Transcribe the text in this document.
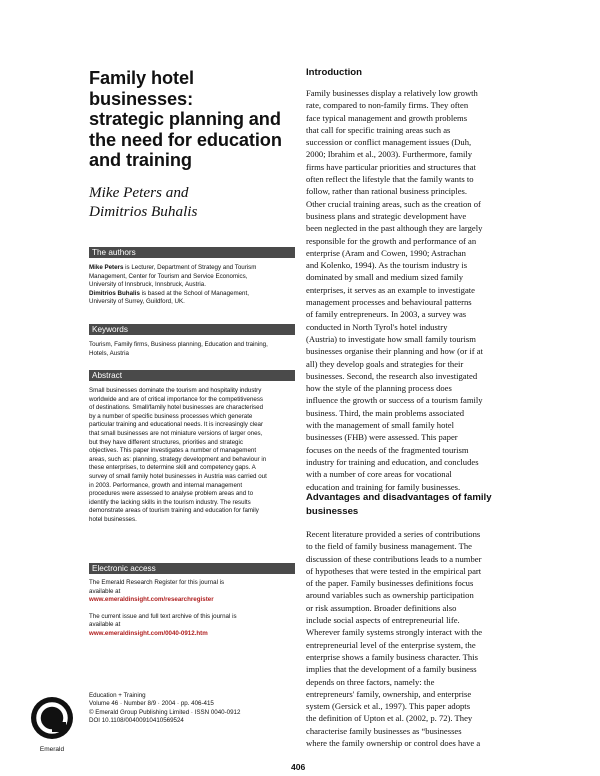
Family hotel businesses:
strategic planning and
the need for education
and training
Mike Peters and
Dimitrios Buhalis
The authors
Mike Peters is Lecturer, Department of Strategy and Tourism
Management, Center for Tourism and Service Economics,
University of Innsbruck, Innsbruck, Austria.
Dimitrios Buhalis is based at the School of Management,
University of Surrey, Guildford, UK.
Keywords
Tourism, Family firms, Business planning, Education and training,
Hotels, Austria
Abstract
Small businesses dominate the tourism and hospitality industry
worldwide and are of critical importance for the competitiveness
of destinations. Small/family hotel businesses are characterised
by a number of specific business processes which generate
particular training and educational needs. It is increasingly clear
that small businesses are not miniature versions of larger ones,
but they have different structures, priorities and strategic
objectives. This paper investigates a number of management
areas, such as: planning, strategy development and behaviour in
these enterprises, to determine skill and competency gaps. A
survey of small family hotel businesses in Austria was carried out
in 2003. Performance, growth and internal management
procedures were assessed to analyse problem areas and to
identify the lacking skills in the tourism industry. The results
demonstrate areas of tourism training and education for family
hotel businesses.
Electronic access
The Emerald Research Register for this journal is
available at
www.emeraldinsight.com/researchregister
The current issue and full text archive of this journal is
available at
www.emeraldinsight.com/0040-0912.htm
Emerald
Education + Training
Volume 46 · Number 8/9 · 2004 · pp. 406-415
© Emerald Group Publishing Limited · ISSN 0040-0912
DOI 10.1108/00400910410569524
Introduction
Family businesses display a relatively low growth
rate, compared to non-family firms. They often
face typical management and growth problems
that call for specific training areas such as
succession or conflict management issues (Duh,
2000; Ibrahim et al., 2003). Furthermore, family
firms have particular priorities and structures that
often reflect the lifestyle that the family wants to
follow, rather than rational business principles.
Other crucial training areas, such as the creation of
business plans and strategic development have
been neglected in the past although they are largely
responsible for the growth and performance of an
enterprise (Aram and Cowen, 1990; Astrachan
and Kolenko, 1994). As the tourism industry is
dominated by small and medium sized family
enterprises, it serves as an example to investigate
management processes and behavioural patterns
of family entrepreneurs. In 2003, a survey was
conducted in North Tyrol's hotel industry
(Austria) to investigate how small family tourism
businesses organise their planning and how (or if at
all) they develop goals and strategies for their
businesses. Second, the research also investigated
how the style of the planning process does
influence the growth or success of a tourism family
business. Third, the main problems associated
with the management of small family hotel
businesses (FHB) were assessed. This paper
focuses on the needs of the fragmented tourism
industry for training and education, and concludes
with a number of core areas for vocational
education and training for family businesses.
Advantages and disadvantages of family
businesses
Recent literature provided a series of contributions
to the field of family business management. The
discussion of these contributions leads to a number
of hypotheses that were tested in the empirical part
of the paper. Family businesses definitions focus
around variables such as ownership participation
or risk assumption. Broader definitions also
include social aspects of entrepreneurial life.
Wherever family systems strongly interact with the
entrepreneurial level of the enterprise system, the
enterprise shows a family business character. This
implies that the development of a family business
depends on three factors, namely: the
entrepreneurs' family, ownership, and enterprise
system (Gersick et al., 1997). This paper adopts
the definition of Upton et al. (2002, p. 72). They
characterise family businesses as “businesses
where the family ownership or control does have a
406
